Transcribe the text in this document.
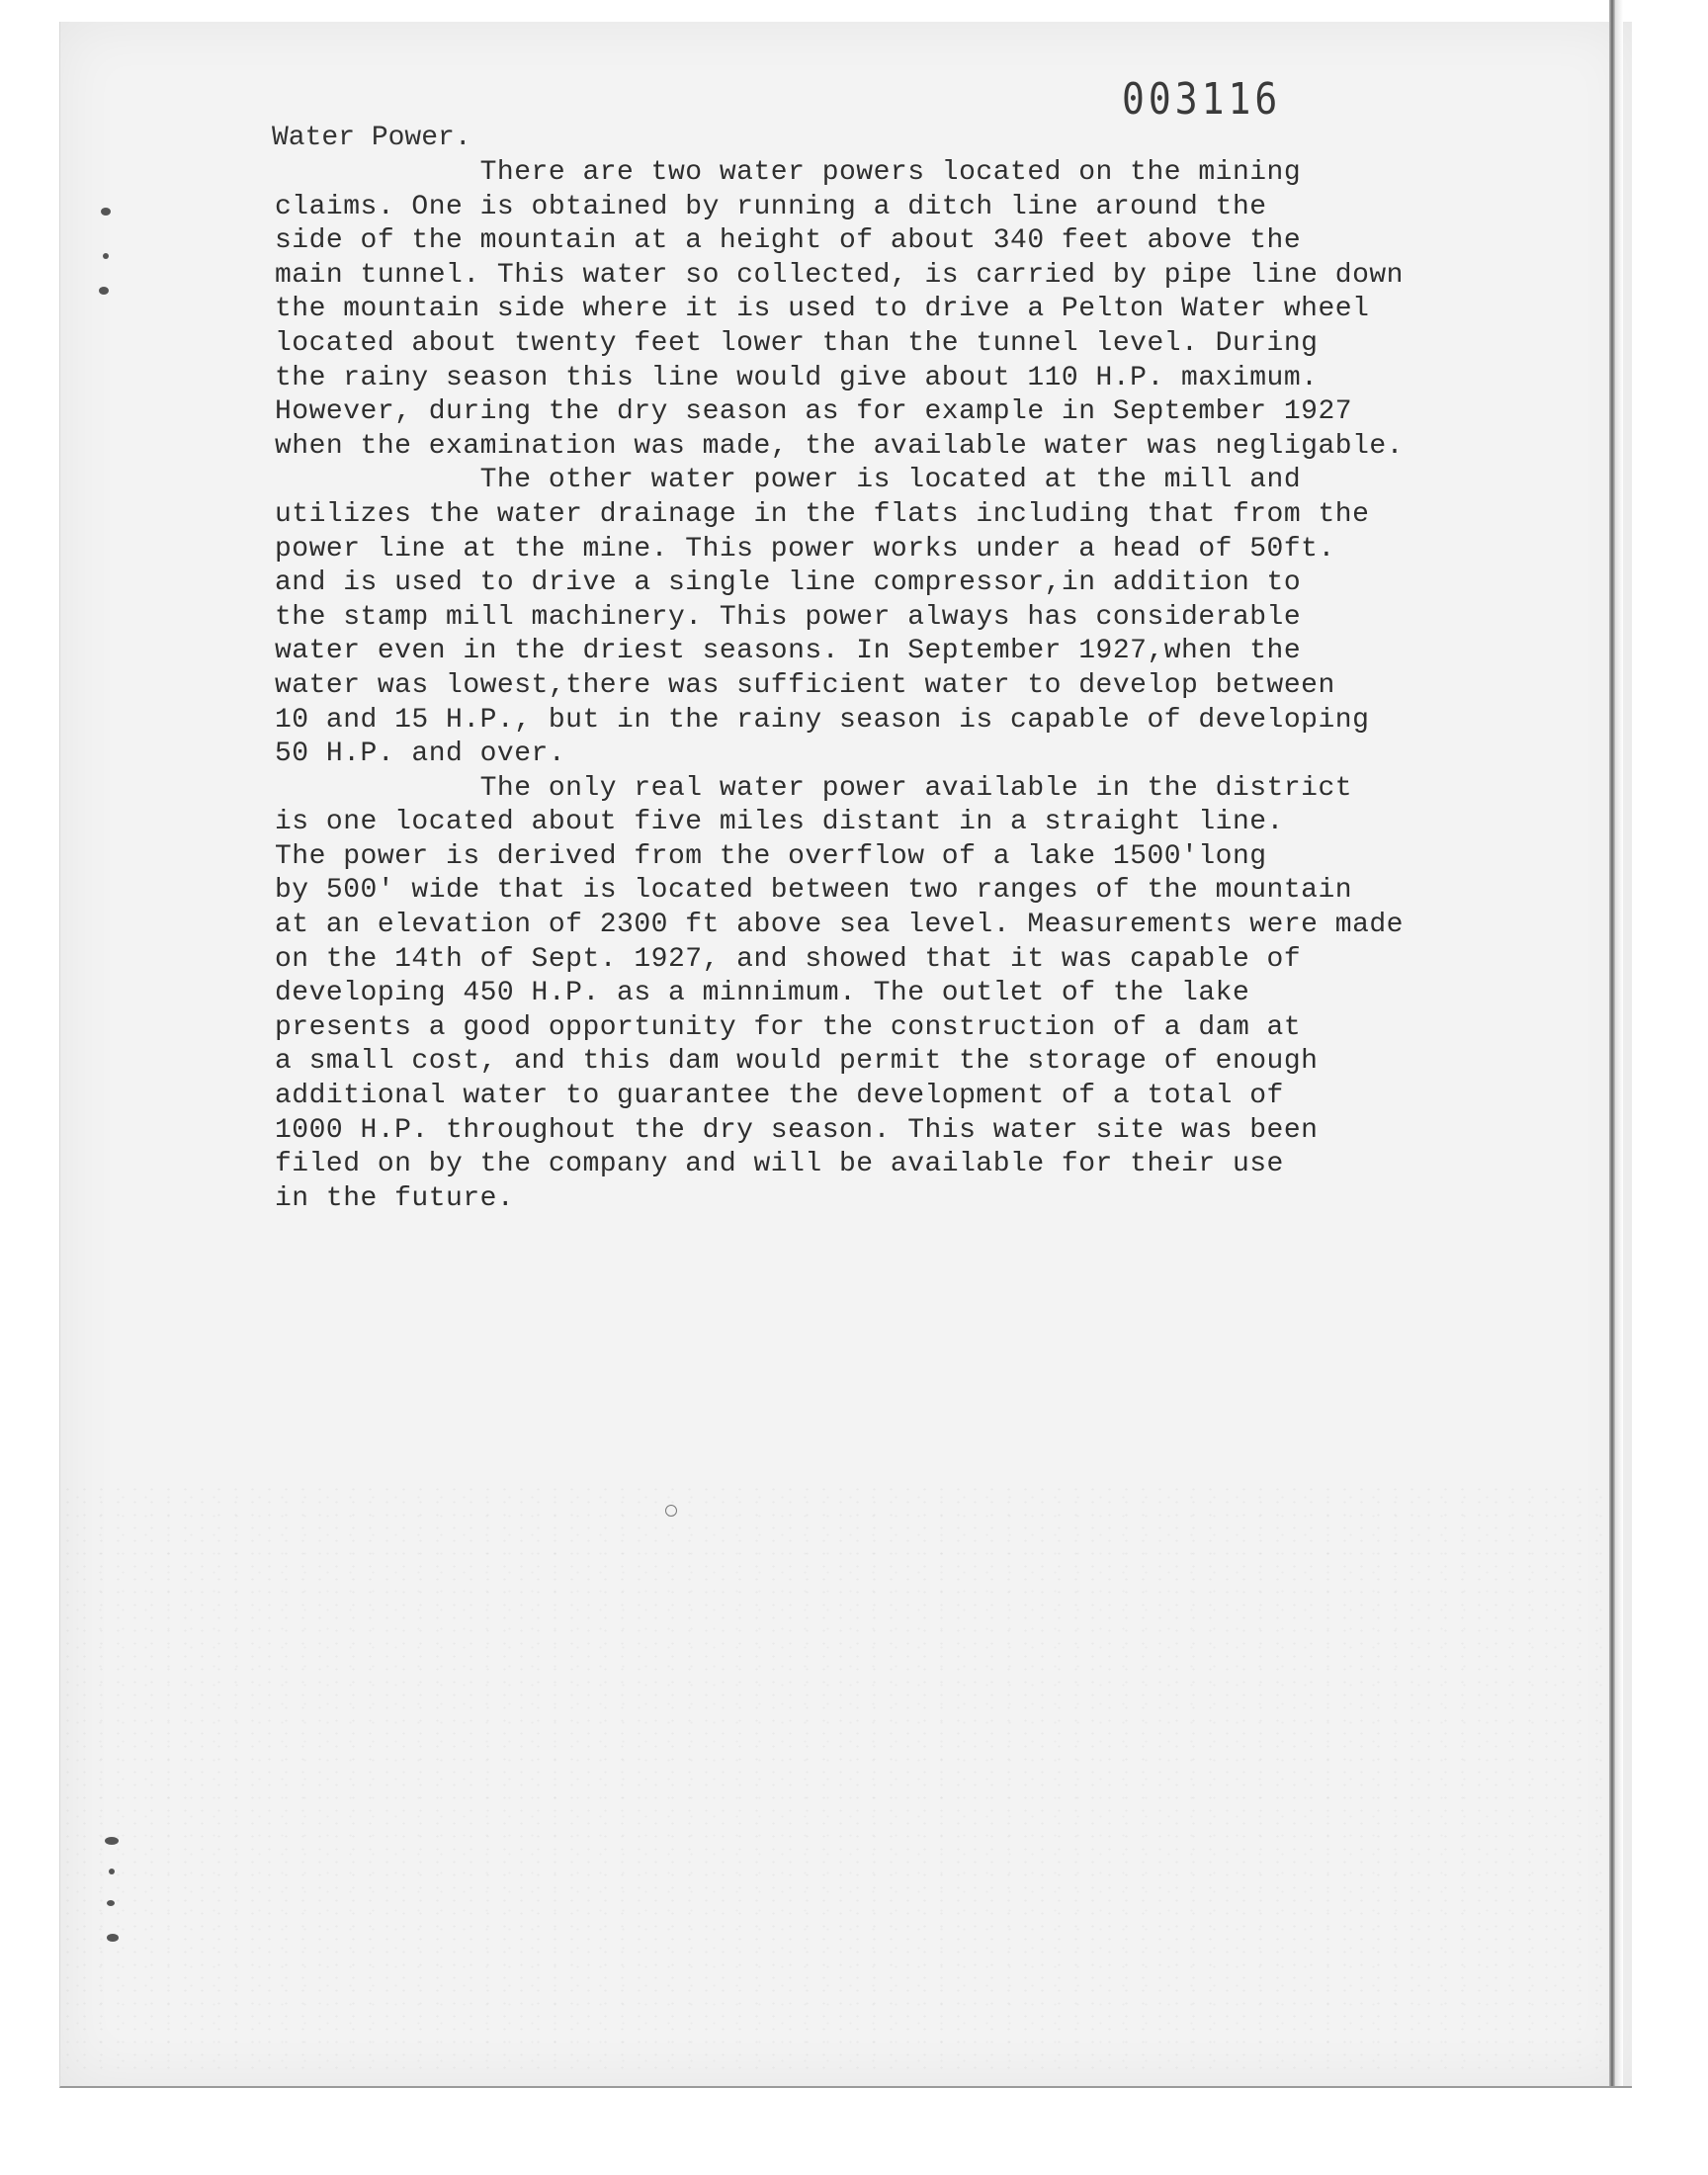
003116
Water Power.
There are two water powers located on the mining
claims. One is obtained by running a ditch line around the
side of the mountain at a height of about 340 feet above the
main tunnel. This water so collected, is carried by pipe line down
the mountain side where it is used to drive a Pelton Water wheel
located about twenty feet lower than the tunnel level. During
the rainy season this line would give about 110 H.P. maximum.
However, during the dry season as for example in September 1927
when the examination was made, the available water was negligable.
The other water power is located at the mill and
utilizes the water drainage in the flats including that from the
power line at the mine. This power works under a head of 50ft.
and is used to drive a single line compressor,in addition to
the stamp mill machinery. This power always has considerable
water even in the driest seasons. In September 1927,when the
water was lowest,there was sufficient water to develop between
10 and 15 H.P., but in the rainy season is capable of developing
50 H.P. and over.
The only real water power available in the district
is one located about five miles distant in a straight line.
The power is derived from the overflow of a lake 1500'long
by 500' wide that is located between two ranges of the mountain
at an elevation of 2300 ft above sea level. Measurements were made
on the 14th of Sept. 1927, and showed that it was capable of
developing 450 H.P. as a minnimum. The outlet of the lake
presents a good opportunity for the construction of a dam at
a small cost, and this dam would permit the storage of enough
additional water to guarantee the development of a total of
1000 H.P. throughout the dry season. This water site was been
filed on by the company and will be available for their use
in the future.
